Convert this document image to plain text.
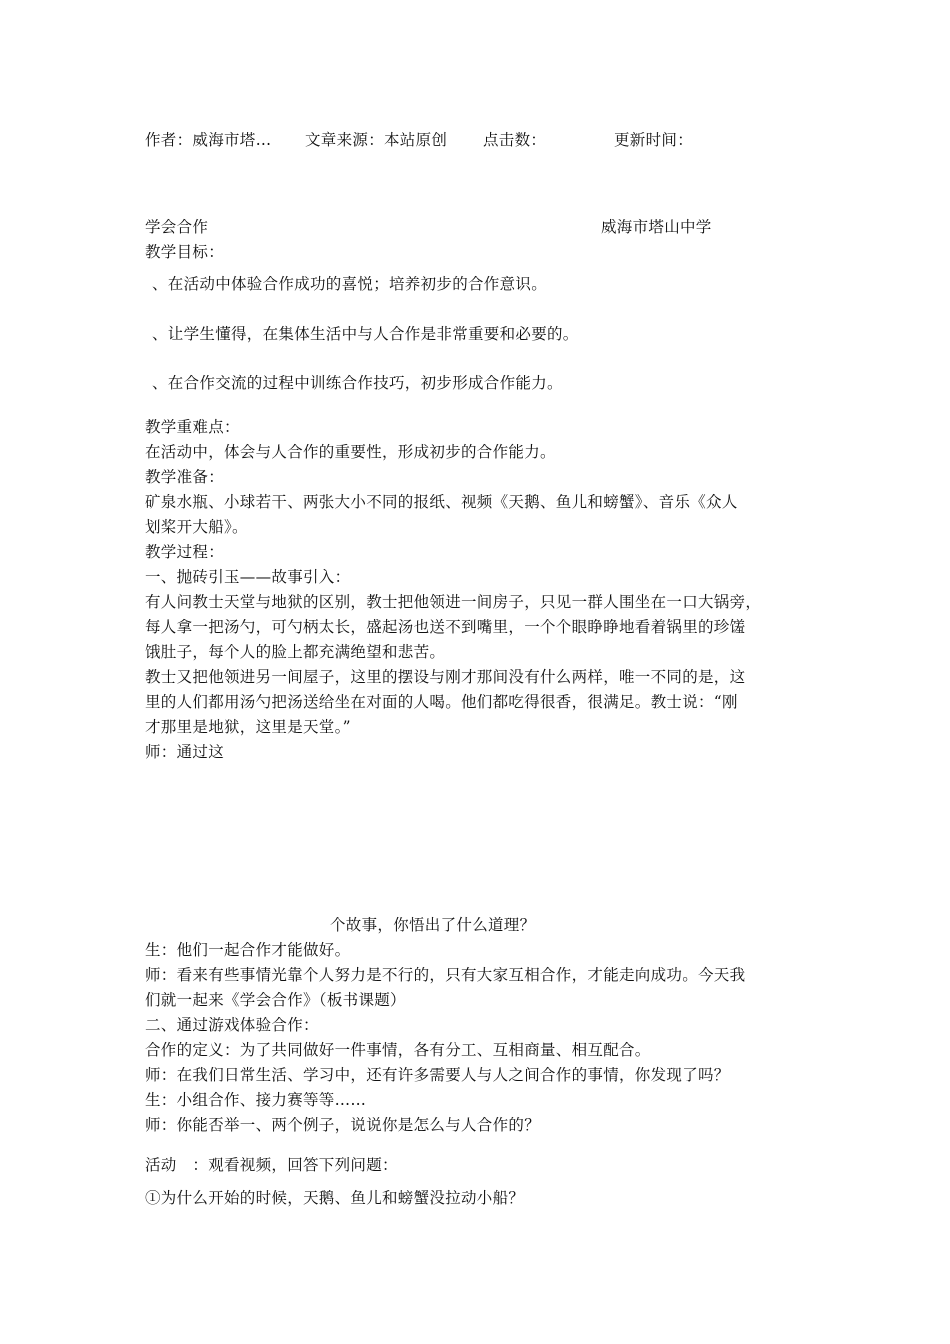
作者：威海市塔… 文章来源：本站原创 点击数：	更新时间：
学会合作	威海市塔山中学
教学目标：
、在活动中体验合作成功的喜悦；培养初步的合作意识。
、让学生懂得，在集体生活中与人合作是非常重要和必要的。
、在合作交流的过程中训练合作技巧，初步形成合作能力。
教学重难点：
在活动中，体会与人合作的重要性，形成初步的合作能力。
教学准备：
矿泉水瓶、小球若干、两张大小不同的报纸、视频《天鹅、鱼儿和螃蟹》、音乐《众人
划桨开大船》。
教学过程：
一、抛砖引玉——故事引入：
有人问教士天堂与地狱的区别，教士把他领进一间房子，只见一群人围坐在一口大锅旁，
每人拿一把汤勺，可勺柄太长，盛起汤也送不到嘴里，一个个眼睁睁地看着锅里的珍馐
饿肚子，每个人的脸上都充满绝望和悲苦。
教士又把他领进另一间屋子，这里的摆设与刚才那间没有什么两样，唯一不同的是，这
里的人们都用汤勺把汤送给坐在对面的人喝。他们都吃得很香，很满足。教士说：“刚
才那里是地狱，这里是天堂。”
师：通过这
个故事，你悟出了什么道理？
生：他们一起合作才能做好。
师：看来有些事情光靠个人努力是不行的，只有大家互相合作，才能走向成功。今天我
们就一起来《学会合作》（板书课题）
二、通过游戏体验合作：
合作的定义：为了共同做好一件事情，各有分工、互相商量、相互配合。
师：在我们日常生活、学习中，还有许多需要人与人之间合作的事情，你发现了吗？
生：小组合作、接力赛等等……
师：你能否举一、两个例子，说说你是怎么与人合作的？
活动　：观看视频，回答下列问题：
①为什么开始的时候，天鹅、鱼儿和螃蟹没拉动小船？
